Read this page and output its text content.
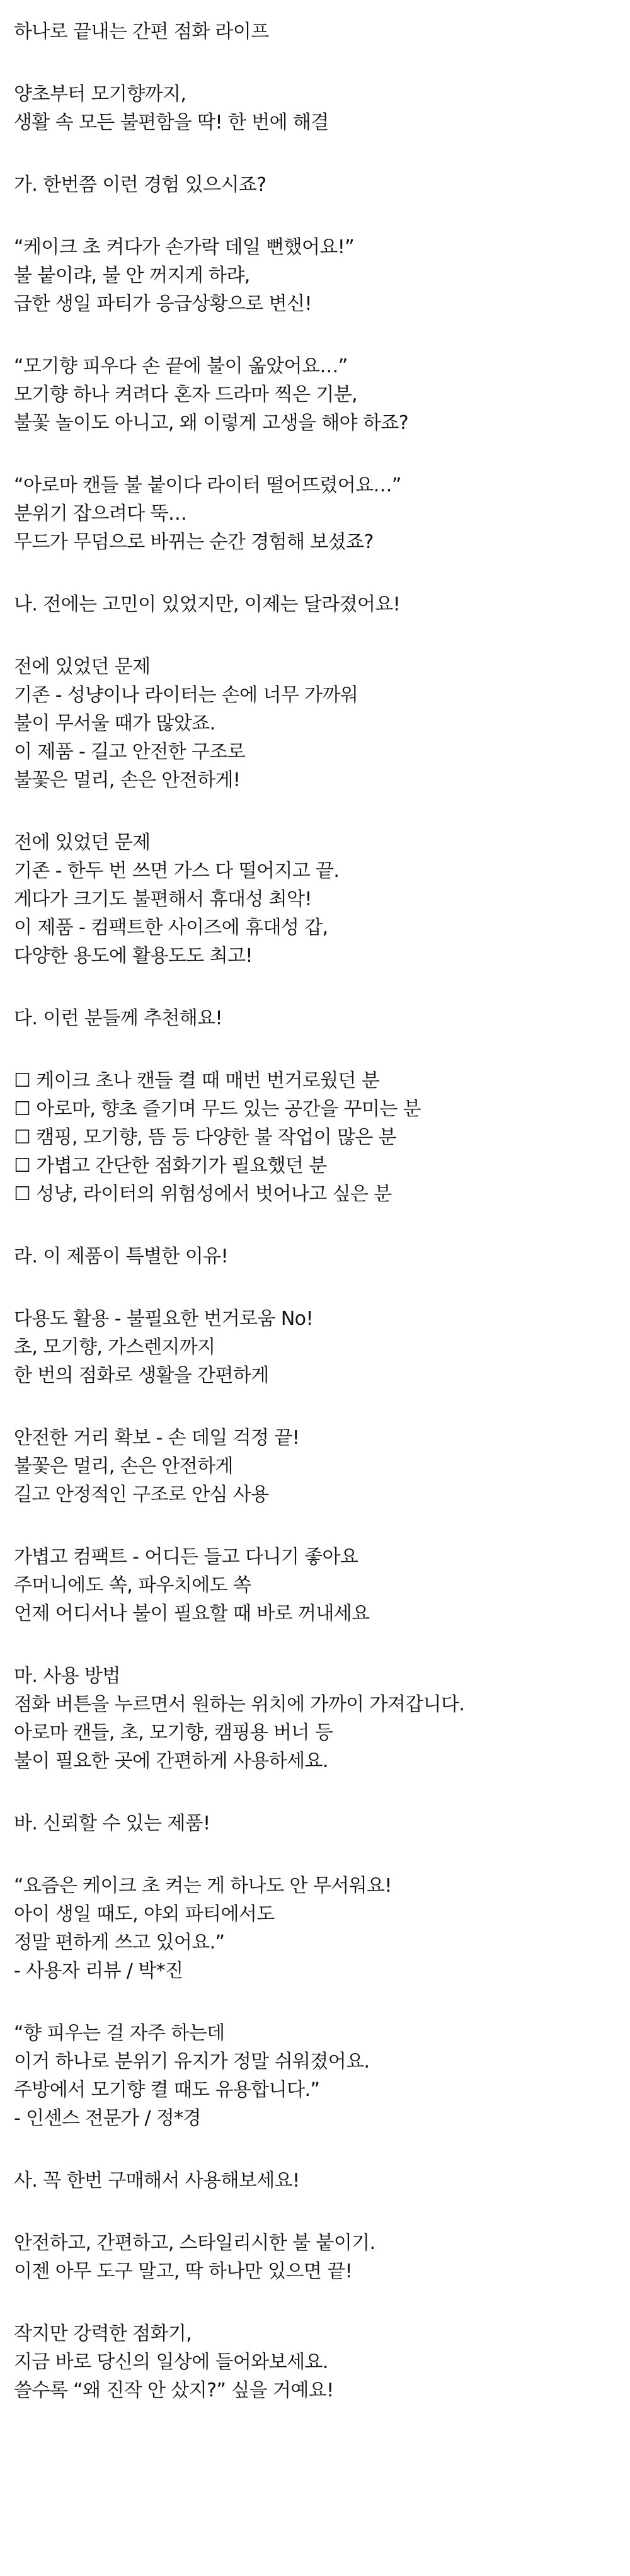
하나로 끝내는 간편 점화 라이프
양초부터 모기향까지,
생활 속 모든 불편함을 딱! 한 번에 해결
가. 한번쯤 이런 경험 있으시죠?
“케이크 초 켜다가 손가락 데일 뻔했어요!”
불 붙이랴, 불 안 꺼지게 하랴,
급한 생일 파티가 응급상황으로 변신!
“모기향 피우다 손 끝에 불이 옮았어요…”
모기향 하나 켜려다 혼자 드라마 찍은 기분,
불꽃 놀이도 아니고, 왜 이렇게 고생을 해야 하죠?
“아로마 캔들 불 붙이다 라이터 떨어뜨렸어요…”
분위기 잡으려다 뚝…
무드가 무덤으로 바뀌는 순간 경험해 보셨죠?
나. 전에는 고민이 있었지만, 이제는 달라졌어요!
전에 있었던 문제
기존 - 성냥이나 라이터는 손에 너무 가까워
불이 무서울 때가 많았죠.
이 제품 - 길고 안전한 구조로
불꽃은 멀리, 손은 안전하게!
전에 있었던 문제
기존 - 한두 번 쓰면 가스 다 떨어지고 끝.
게다가 크기도 불편해서 휴대성 최악!
이 제품 - 컴팩트한 사이즈에 휴대성 갑,
다양한 용도에 활용도도 최고!
다. 이런 분들께 추천해요!
☐ 케이크 초나 캔들 켤 때 매번 번거로웠던 분
☐ 아로마, 향초 즐기며 무드 있는 공간을 꾸미는 분
☐ 캠핑, 모기향, 뜸 등 다양한 불 작업이 많은 분
☐ 가볍고 간단한 점화기가 필요했던 분
☐ 성냥, 라이터의 위험성에서 벗어나고 싶은 분
라. 이 제품이 특별한 이유!
다용도 활용 - 불필요한 번거로움 No!
초, 모기향, 가스렌지까지
한 번의 점화로 생활을 간편하게
안전한 거리 확보 - 손 데일 걱정 끝!
불꽃은 멀리, 손은 안전하게
길고 안정적인 구조로 안심 사용
가볍고 컴팩트 - 어디든 들고 다니기 좋아요
주머니에도 쏙, 파우치에도 쏙
언제 어디서나 불이 필요할 때 바로 꺼내세요
마. 사용 방법
점화 버튼을 누르면서 원하는 위치에 가까이 가져갑니다.
아로마 캔들, 초, 모기향, 캠핑용 버너 등
불이 필요한 곳에 간편하게 사용하세요.
바. 신뢰할 수 있는 제품!
“요즘은 케이크 초 켜는 게 하나도 안 무서워요!
아이 생일 때도, 야외 파티에서도
정말 편하게 쓰고 있어요.”
- 사용자 리뷰 / 박*진
“향 피우는 걸 자주 하는데
이거 하나로 분위기 유지가 정말 쉬워졌어요.
주방에서 모기향 켤 때도 유용합니다.”
- 인센스 전문가 / 정*경
사. 꼭 한번 구매해서 사용해보세요!
안전하고, 간편하고, 스타일리시한 불 붙이기.
이젠 아무 도구 말고, 딱 하나만 있으면 끝!
작지만 강력한 점화기,
지금 바로 당신의 일상에 들어와보세요.
쓸수록 “왜 진작 안 샀지?” 싶을 거예요!
